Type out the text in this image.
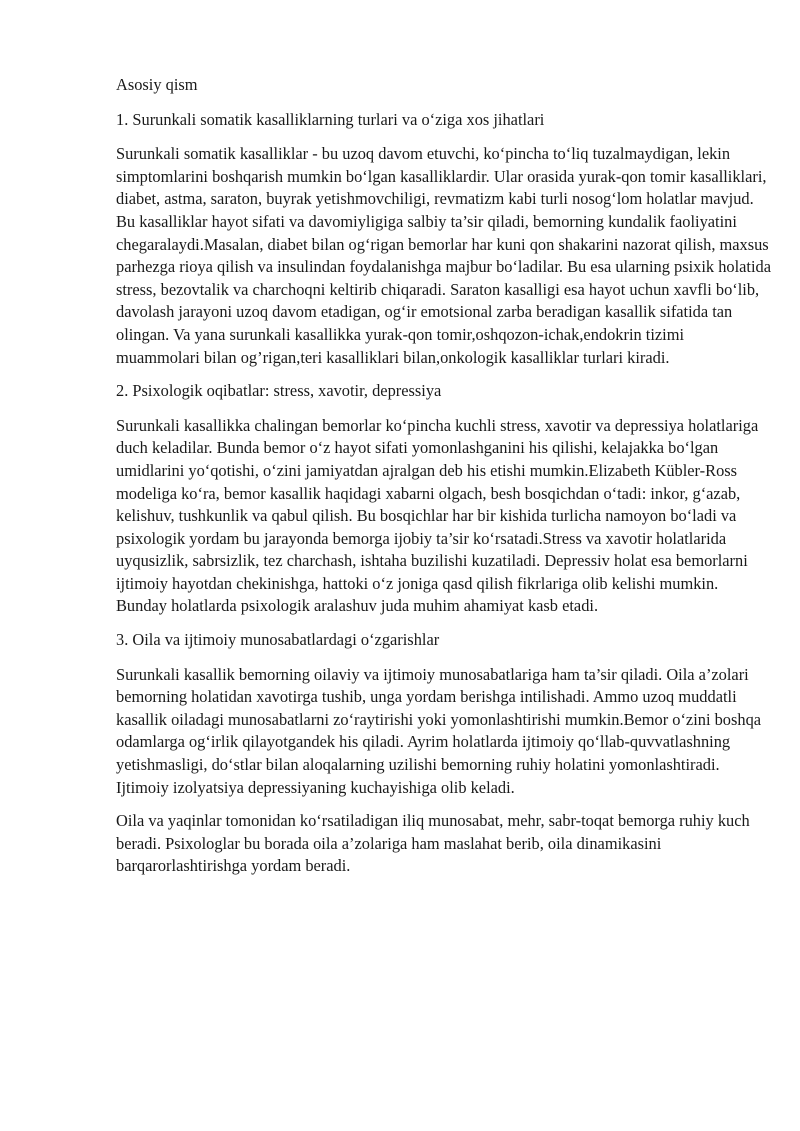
Asosiy qism
1. Surunkali somatik kasalliklarning turlari va o‘ziga xos jihatlari

Surunkali somatik kasalliklar - bu uzoq davom etuvchi, ko‘pincha to‘liq tuzalmaydigan, lekin simptomlarini boshqarish mumkin bo‘lgan kasalliklardir. Ular orasida yurak-qon tomir kasalliklari, diabet, astma, saraton, buyrak yetishmovchiligi, revmatizm kabi turli nosog‘lom holatlar mavjud. Bu kasalliklar hayot sifati va davomiyligiga salbiy ta’sir qiladi, bemorning kundalik faoliyatini chegaralaydi.Masalan, diabet bilan og‘rigan bemorlar har kuni qon shakarini nazorat qilish, maxsus parhezga rioya qilish va insulindan foydalanishga majbur bo‘ladilar. Bu esa ularning psixik holatida stress, bezovtalik va charchoqni keltirib chiqaradi. Saraton kasalligi esa hayot uchun xavfli bo‘lib, davolash jarayoni uzoq davom etadigan, og‘ir emotsional zarba beradigan kasallik sifatida tan olingan. Va yana surunkali kasallikka yurak-qon tomir,oshqozon-ichak,endokrin tizimi muammolari bilan og’rigan,teri kasalliklari bilan,onkologik kasalliklar turlari kiradi.

2. Psixologik oqibatlar: stress, xavotir, depressiya

Surunkali kasallikka chalingan bemorlar ko‘pincha kuchli stress, xavotir va depressiya holatlariga duch keladilar. Bunda bemor o‘z hayot sifati yomonlashganini his qilishi, kelajakka bo‘lgan umidlarini yo‘qotishi, o‘zini jamiyatdan ajralgan deb his etishi mumkin.Elizabeth Kübler-Ross modeliga ko‘ra, bemor kasallik haqidagi xabarni olgach, besh bosqichdan o‘tadi: inkor, g‘azab, kelishuv, tushkunlik va qabul qilish. Bu bosqichlar har bir kishida turlicha namoyon bo‘ladi va psixologik yordam bu jarayonda bemorga ijobiy ta’sir ko‘rsatadi.Stress va xavotir holatlarida uyqusizlik, sabrsizlik, tez charchash, ishtaha buzilishi kuzatiladi. Depressiv holat esa bemorlarni ijtimoiy hayotdan chekinishga, hattoki o‘z joniga qasd qilish fikrlariga olib kelishi mumkin. Bunday holatlarda psixologik aralashuv juda muhim ahamiyat kasb etadi.

3. Oila va ijtimoiy munosabatlardagi o‘zgarishlar

Surunkali kasallik bemorning oilaviy va ijtimoiy munosabatlariga ham ta’sir qiladi. Oila a’zolari bemorning holatidan xavotirga tushib, unga yordam berishga intilishadi. Ammo uzoq muddatli kasallik oiladagi munosabatlarni zo‘raytirishi yoki yomonlashtirishi mumkin.Bemor o‘zini boshqa odamlarga og‘irlik qilayotgandek his qiladi. Ayrim holatlarda ijtimoiy qo‘llab-quvvatlashning yetishmasligi, do‘stlar bilan aloqalarning uzilishi bemorning ruhiy holatini yomonlashtiradi. Ijtimoiy izolyatsiya depressiyaning kuchayishiga olib keladi.

Oila va yaqinlar tomonidan ko‘rsatiladigan iliq munosabat, mehr, sabr-toqat bemorga ruhiy kuch beradi. Psixologlar bu borada oila a’zolariga ham maslahat berib, oila dinamikasini barqarorlashtirishga yordam beradi.
